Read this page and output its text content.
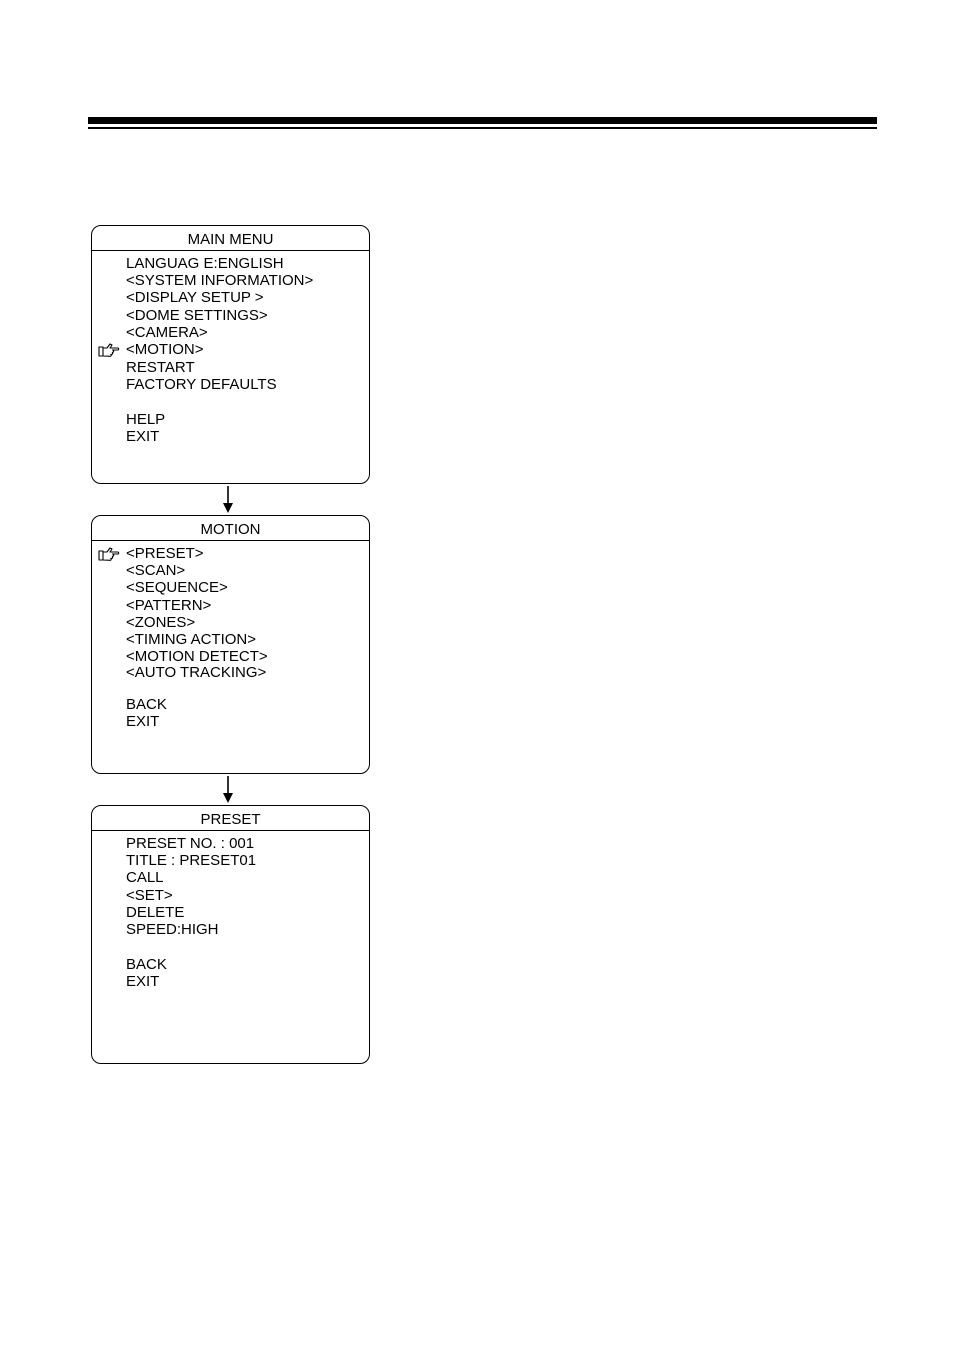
MAIN MENU
LANGUAG E:ENGLISH
<SYSTEM INFORMATION>
<DISPLAY SETUP >
<DOME SETTINGS>
<CAMERA>
<MOTION>
RESTART
FACTORY DEFAULTS
HELP
EXIT
MOTION
<PRESET>
<SCAN>
<SEQUENCE>
<PATTERN>
<ZONES>
<TIMING ACTION>
<MOTION DETECT>
<AUTO TRACKING>
BACK
EXIT
PRESET
PRESET NO. : 001
TITLE : PRESET01
CALL
<SET>
DELETE
SPEED:HIGH
BACK
EXIT
